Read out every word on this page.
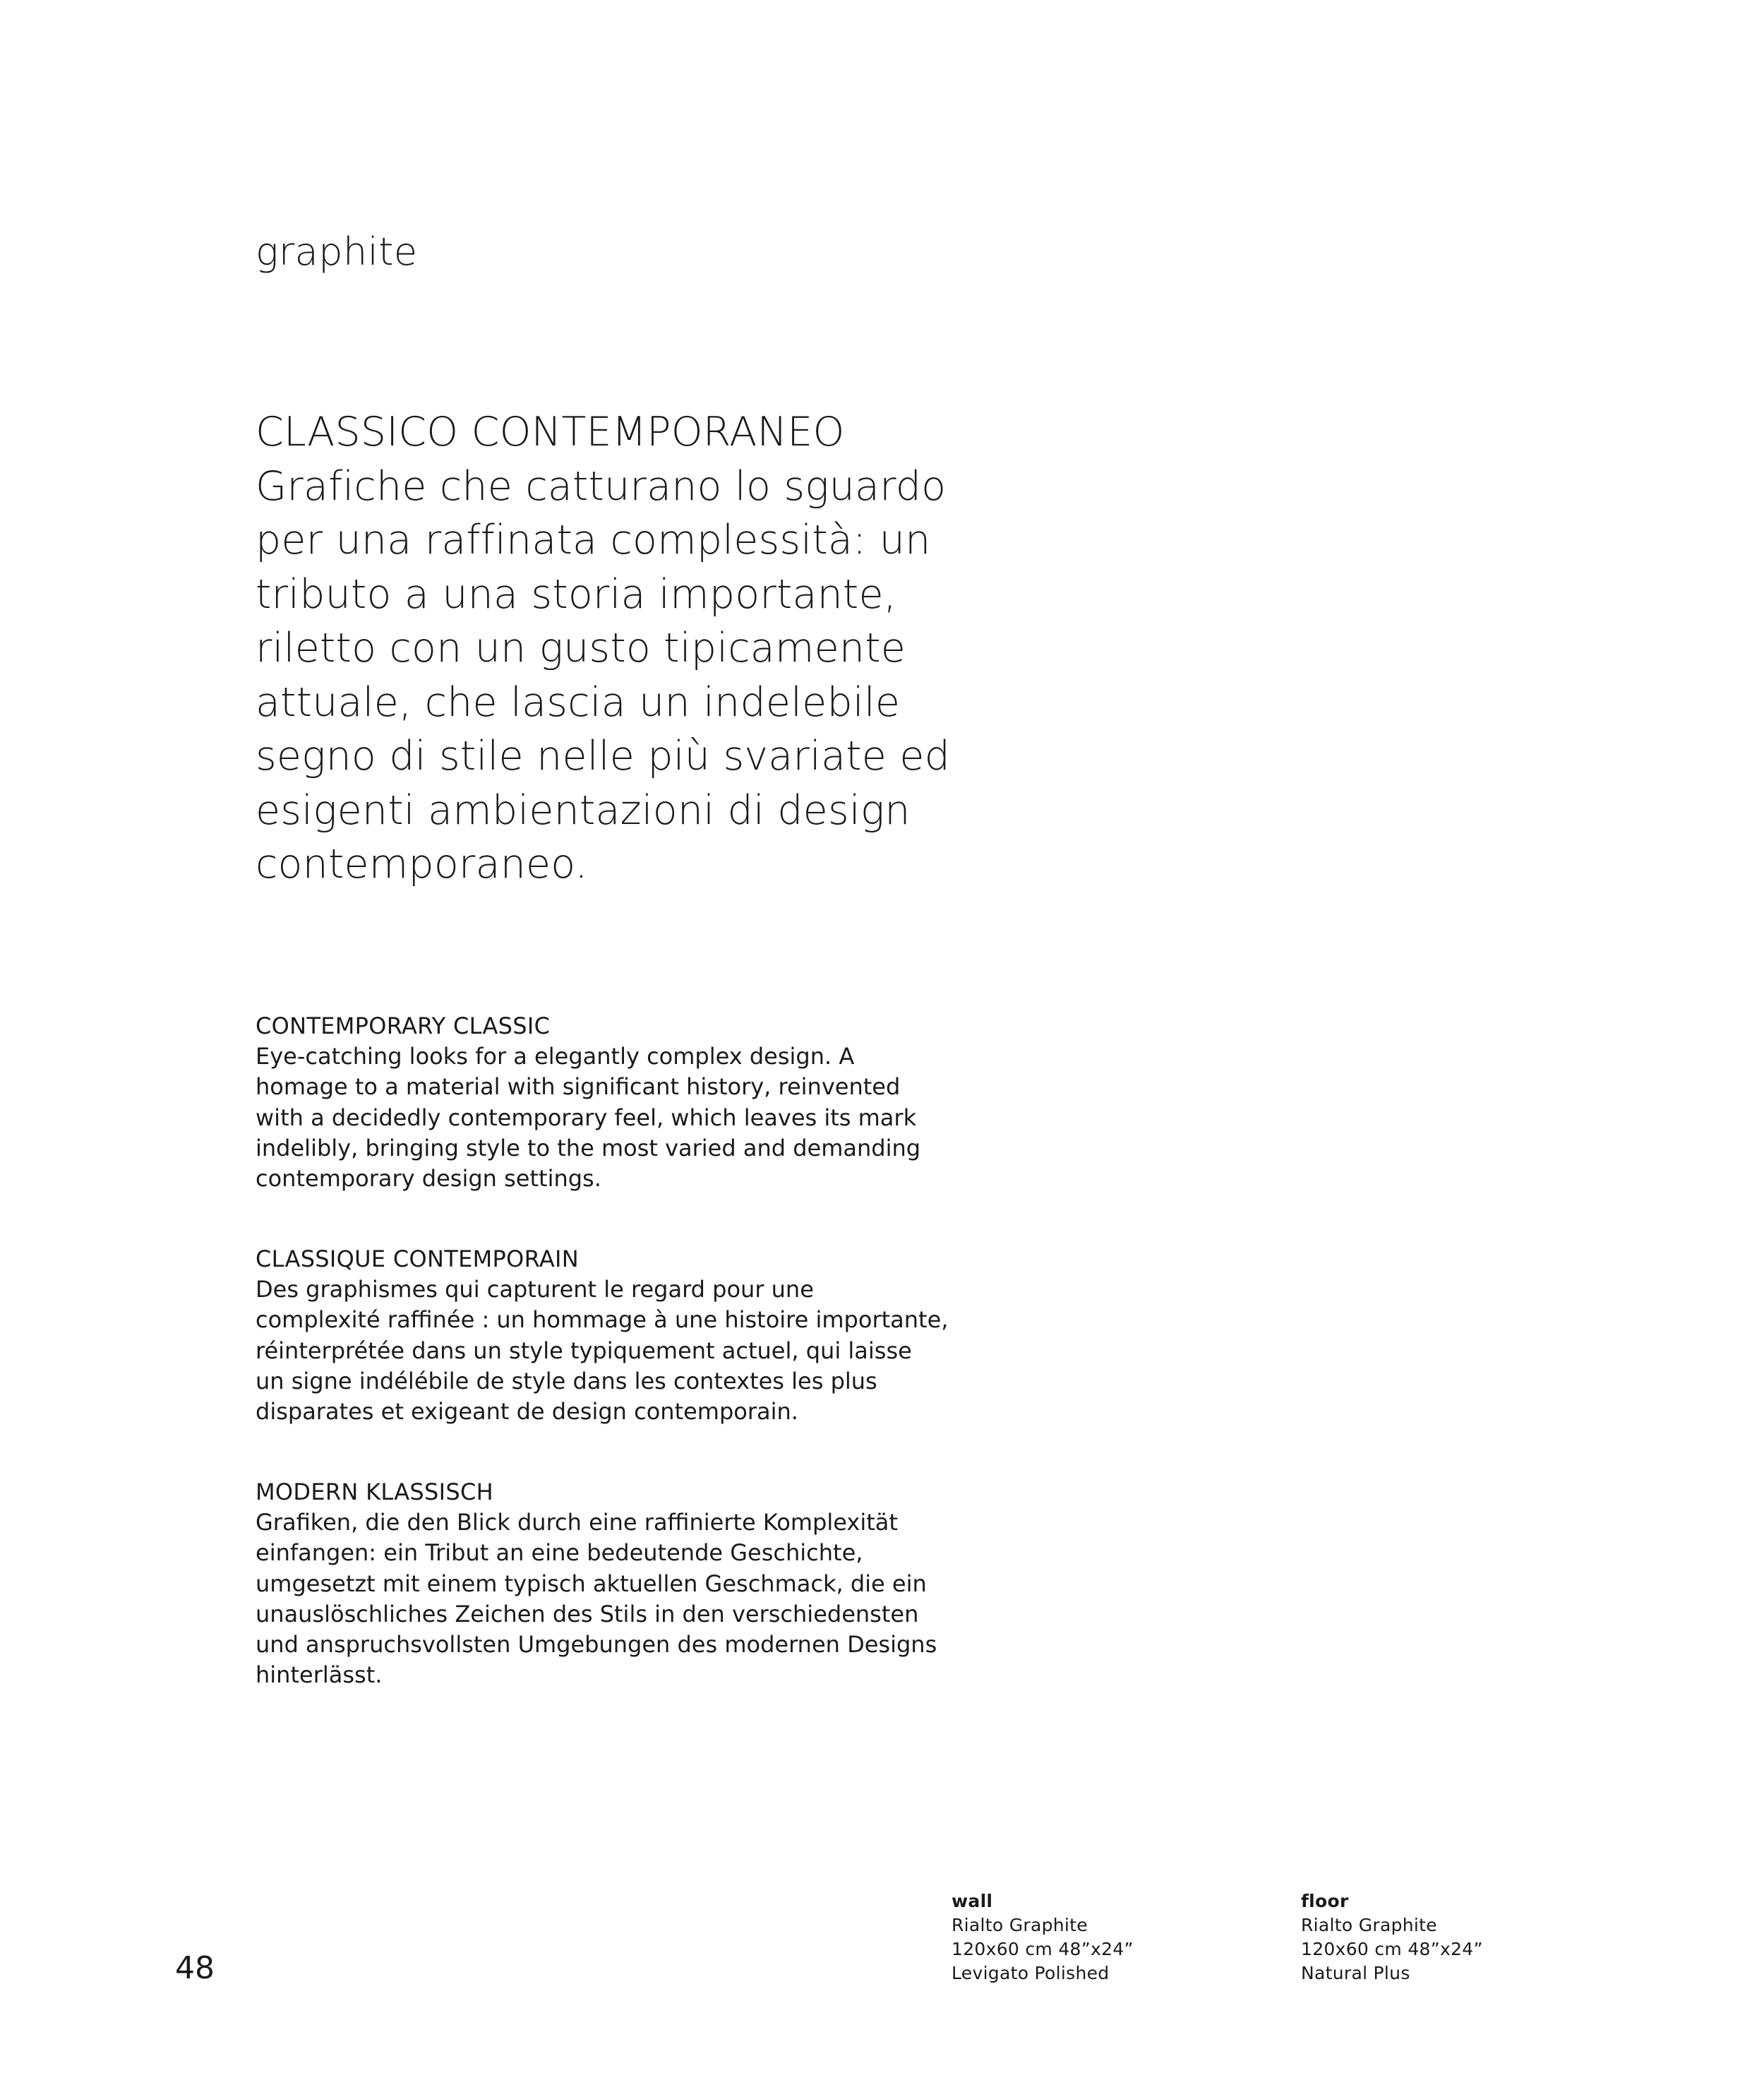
graphite

CLASSICO CONTEMPORANEO
Grafiche che catturano lo sguardo
per una raffinata complessità: un
tributo a una storia importante,
riletto con un gusto tipicamente
attuale, che lascia un indelebile
segno di stile nelle più svariate ed
esigenti ambientazioni di design
contemporaneo.

CONTEMPORARY CLASSIC
Eye-catching looks for a elegantly complex design. A
homage to a material with significant history, reinvented
with a decidedly contemporary feel, which leaves its mark
indelibly, bringing style to the most varied and demanding
contemporary design settings.
CLASSIQUE CONTEMPORAIN
Des graphismes qui capturent le regard pour une
complexité raffinée : un hommage à une histoire importante,
réinterprétée dans un style typiquement actuel, qui laisse
un signe indélébile de style dans les contextes les plus
disparates et exigeant de design contemporain.
MODERN KLASSISCH
Grafiken, die den Blick durch eine raffinierte Komplexität
einfangen: ein Tribut an eine bedeutende Geschichte,
umgesetzt mit einem typisch aktuellen Geschmack, die ein
unauslöschliches Zeichen des Stils in den verschiedensten
und anspruchsvollsten Umgebungen des modernen Designs
hinterlässt.

48

wall
Rialto Graphite
120x60 cm 48”x24”
Levigato Polished
floor
Rialto Graphite
120x60 cm 48”x24”
Natural Plus
